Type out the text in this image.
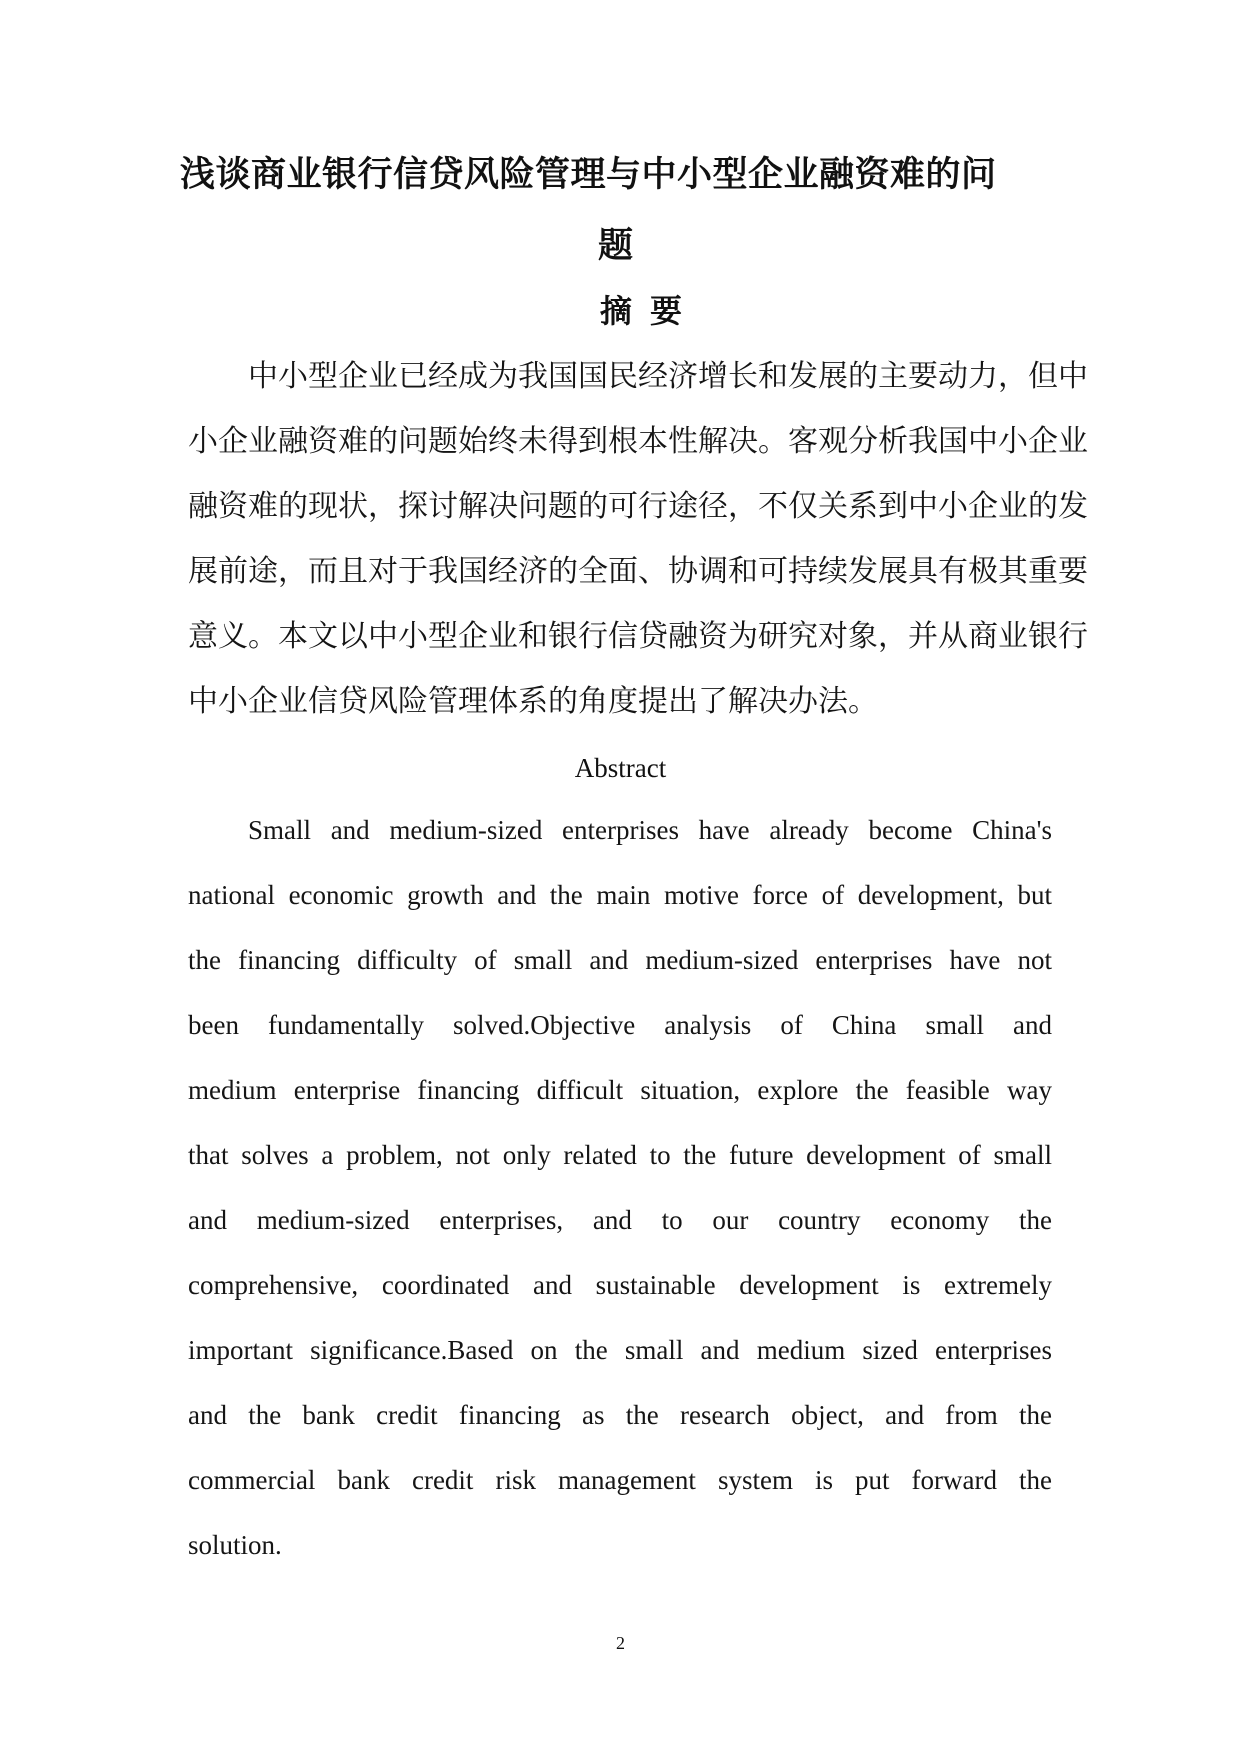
浅谈商业银行信贷风险管理与中小型企业融资难的问
题
摘要
中小型企业已经成为我国国民经济增长和发展的主要动力，但中
小企业融资难的问题始终未得到根本性解决。客观分析我国中小企业
融资难的现状，探讨解决问题的可行途径，不仅关系到中小企业的发
展前途，而且对于我国经济的全面、协调和可持续发展具有极其重要
意义。本文以中小型企业和银行信贷融资为研究对象，并从商业银行
中小企业信贷风险管理体系的角度提出了解决办法。
Abstract
Small and medium-sized enterprises have already become China's
national economic growth and the main motive force of development, but
the financing difficulty of small and medium-sized enterprises have not
been fundamentally solved.Objective analysis of China small and
medium enterprise financing difficult situation, explore the feasible way
that solves a problem, not only related to the future development of small
and medium-sized enterprises, and to our country economy the
comprehensive, coordinated and sustainable development is extremely
important significance.Based on the small and medium sized enterprises
and the bank credit financing as the research object, and from the
commercial bank credit risk management system is put forward the
solution.
2
